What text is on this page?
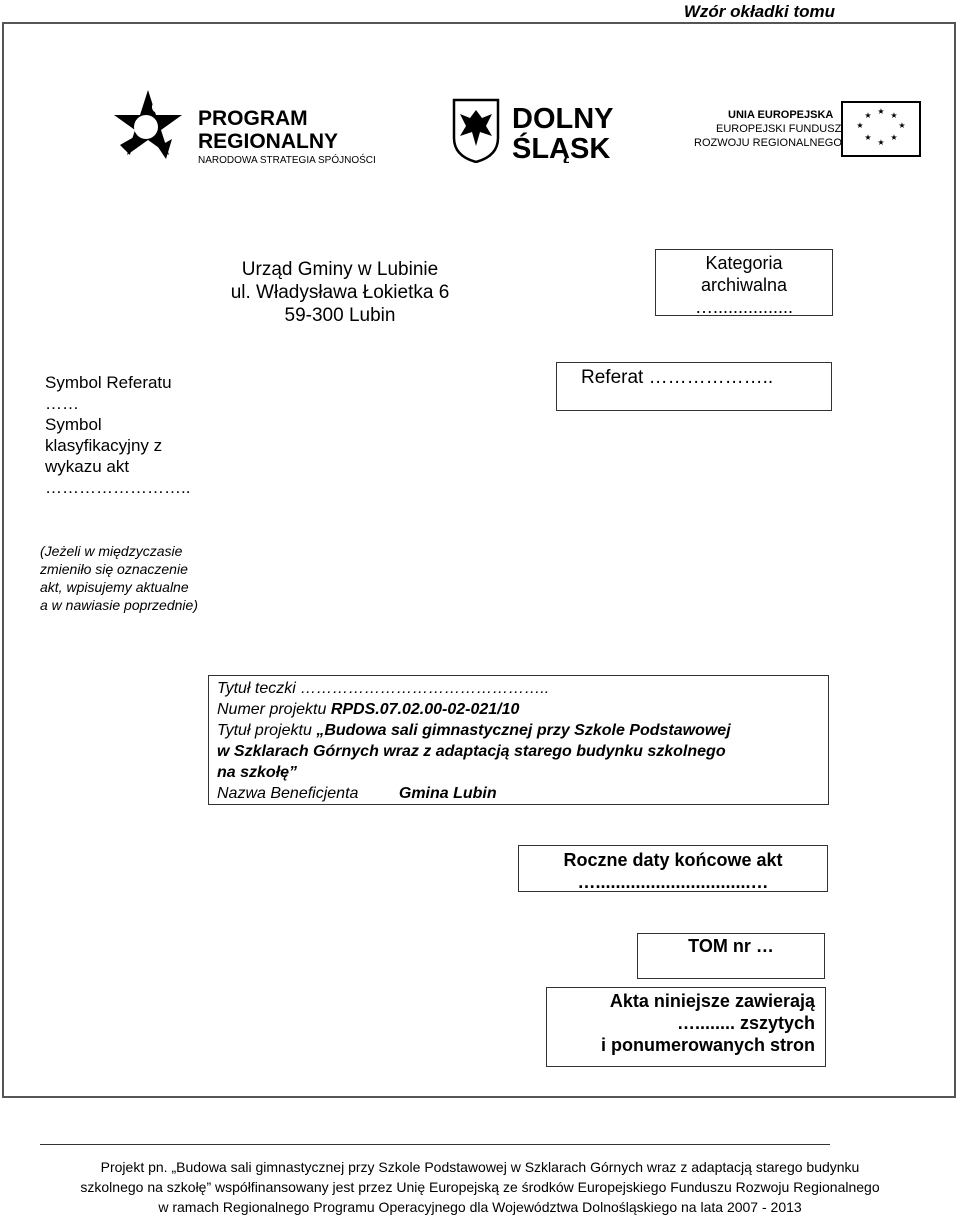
Wzór okładki tomu
PROGRAM
REGIONALNY
NARODOWA STRATEGIA SPÓJNOŚCI
DOLNY
ŚLĄSK
UNIA EUROPEJSKA
EUROPEJSKI FUNDUSZ
ROZWOJU REGIONALNEGO
★ ★
★
★
★
★
★
★
Urząd Gminy w Lubinie
ul. Władysława Łokietka 6
59-300 Lubin
Kategoria
archiwalna
…................
Referat ………………..
Symbol Referatu
……
Symbol
klasyfikacyjny z
wykazu akt
……………………..
(Jeżeli w międzyczasie
zmieniło się oznaczenie
akt, wpisujemy aktualne
a w nawiasie poprzednie)
Tytuł teczki ………………………………………..
Numer projektu RPDS.07.02.00-02-021/10
Tytuł projektu „Budowa sali gimnastycznej przy Szkole Podstawowej
w Szklarach Górnych wraz z adaptacją starego budynku szkolnego
na szkołę”
Nazwa Beneficjenta	Gmina Lubin
Roczne daty końcowe akt
…...............................…
TOM nr …
Akta niniejsze zawierają
…........ zszytych
i ponumerowanych stron
Projekt pn. „Budowa sali gimnastycznej przy Szkole Podstawowej w Szklarach Górnych wraz z adaptacją starego budynku
szkolnego na szkołę” współfinansowany jest przez Unię Europejską ze środków Europejskiego Funduszu Rozwoju Regionalnego
w ramach Regionalnego Programu Operacyjnego dla Województwa Dolnośląskiego na lata 2007 - 2013
